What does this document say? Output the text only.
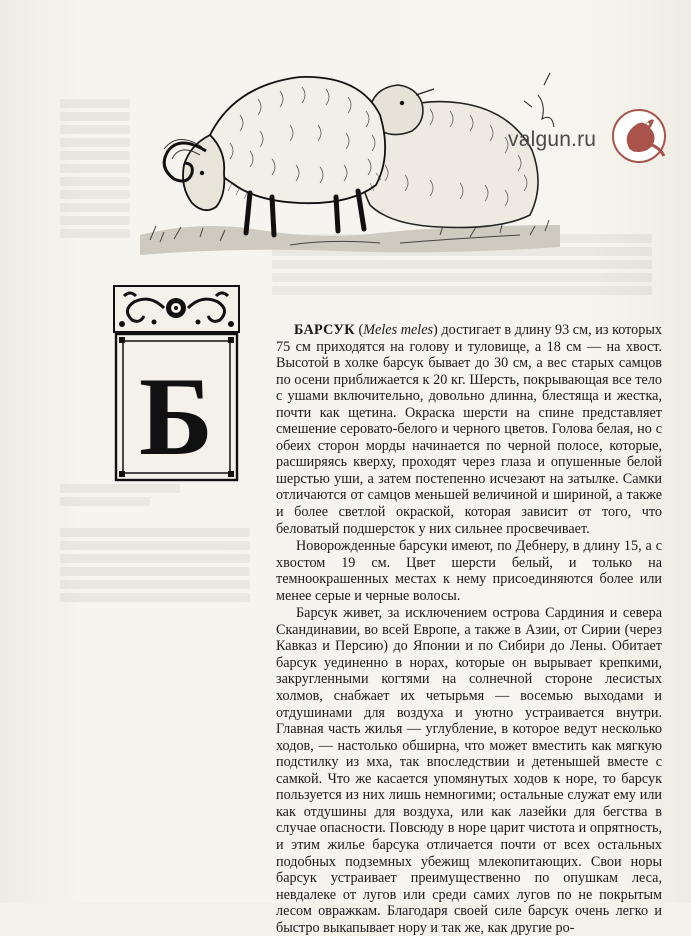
valgun.ru
Б

БАРСУК (Meles meles) достигает в длину 93 см, из которых 75 см приходятся на голову и туловище, а 18 см — на хвост. Высотой в холке барсук бывает до 30 см, а вес старых самцов по осени приближается к 20 кг. Шерсть, покрывающая все тело с ушами включительно, довольно длинна, блестяща и жестка, почти как щетина. Окраска шерсти на спине представляет смешение серовато-белого и черного цветов. Голова белая, но с обеих сторон морды начинается по черной полосе, которые, расширяясь кверху, проходят через глаза и опушенные белой шерстью уши, а затем постепенно исчезают на затылке. Самки отличаются от самцов меньшей величиной и шириной, а также и более светлой окраской, которая зависит от того, что беловатый подшерсток у них сильнее просвечивает.

Новорожденные барсуки имеют, по Дебнеру, в длину 15, а с хвостом 19 см. Цвет шерсти белый, и только на темноокрашенных местах к нему присоединяются более или менее серые и черные волосы.

Барсук живет, за исключением острова Сардиния и севера Скандинавии, во всей Европе, а также в Азии, от Сирии (через Кавказ и Персию) до Японии и по Сибири до Лены. Обитает барсук уединенно в норах, которые он вырывает крепкими, закругленными когтями на солнечной стороне лесистых холмов, снабжает их четырьмя — восемью выходами и отдушинами для воздуха и уютно устраивается внутри. Главная часть жилья — углубление, в которое ведут несколько ходов, — настолько обширна, что может вместить как мягкую подстилку из мха, так впоследствии и детенышей вместе с самкой. Что же касается упомянутых ходов к норе, то барсук пользуется из них лишь немногими; остальные служат ему или как отдушины для воздуха, или как лазейки для бегства в случае опасности. Повсюду в норе царит чистота и опрятность, и этим жилье барсука отличается почти от всех остальных подобных подземных убежищ млекопитающих. Свои норы барсук устраивает преимущественно по опушкам леса, невдалеке от лугов или среди самих лугов по не покрытым лесом овражкам. Благодаря своей силе барсук очень легко и быстро выкапывает нору и так же, как другие ро-
